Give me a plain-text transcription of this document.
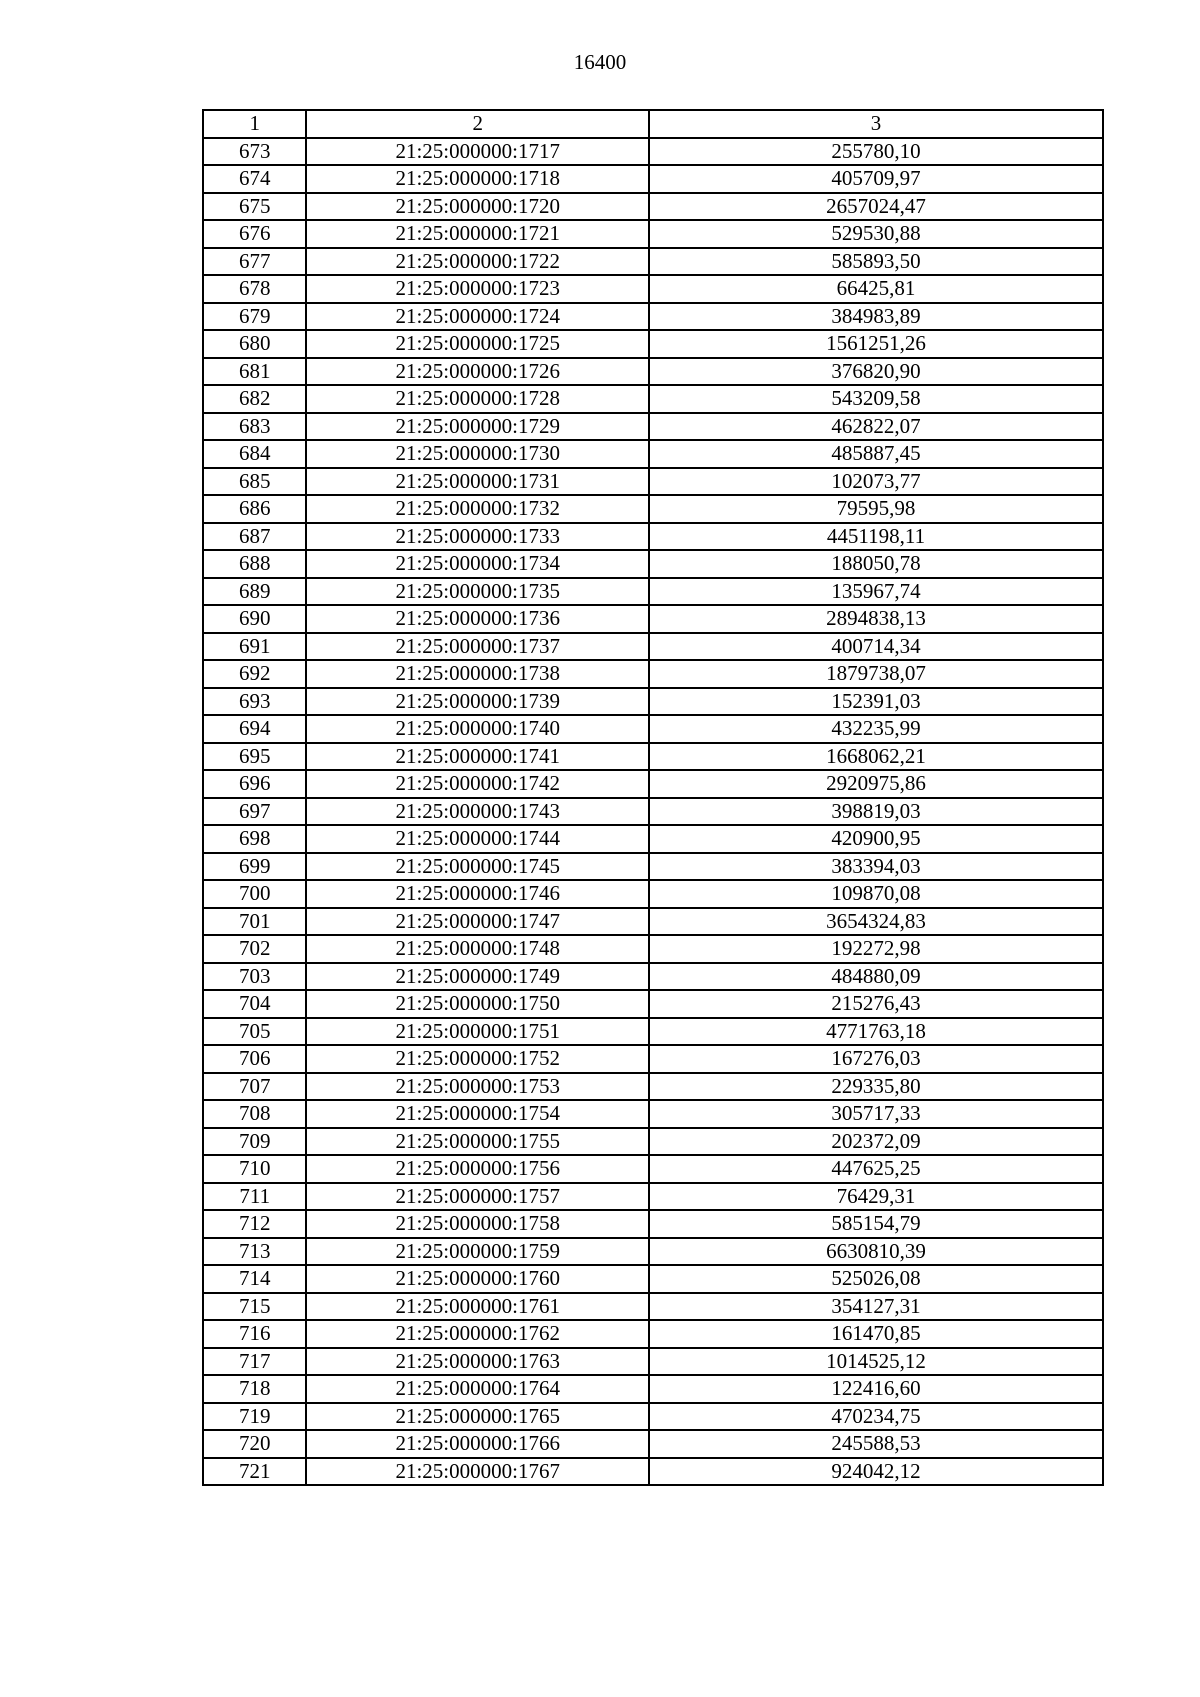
16400
1	2	3
673	21:25:000000:1717	255780,10
674	21:25:000000:1718	405709,97
675	21:25:000000:1720	2657024,47
676	21:25:000000:1721	529530,88
677	21:25:000000:1722	585893,50
678	21:25:000000:1723	66425,81
679	21:25:000000:1724	384983,89
680	21:25:000000:1725	1561251,26
681	21:25:000000:1726	376820,90
682	21:25:000000:1728	543209,58
683	21:25:000000:1729	462822,07
684	21:25:000000:1730	485887,45
685	21:25:000000:1731	102073,77
686	21:25:000000:1732	79595,98
687	21:25:000000:1733	4451198,11
688	21:25:000000:1734	188050,78
689	21:25:000000:1735	135967,74
690	21:25:000000:1736	2894838,13
691	21:25:000000:1737	400714,34
692	21:25:000000:1738	1879738,07
693	21:25:000000:1739	152391,03
694	21:25:000000:1740	432235,99
695	21:25:000000:1741	1668062,21
696	21:25:000000:1742	2920975,86
697	21:25:000000:1743	398819,03
698	21:25:000000:1744	420900,95
699	21:25:000000:1745	383394,03
700	21:25:000000:1746	109870,08
701	21:25:000000:1747	3654324,83
702	21:25:000000:1748	192272,98
703	21:25:000000:1749	484880,09
704	21:25:000000:1750	215276,43
705	21:25:000000:1751	4771763,18
706	21:25:000000:1752	167276,03
707	21:25:000000:1753	229335,80
708	21:25:000000:1754	305717,33
709	21:25:000000:1755	202372,09
710	21:25:000000:1756	447625,25
711	21:25:000000:1757	76429,31
712	21:25:000000:1758	585154,79
713	21:25:000000:1759	6630810,39
714	21:25:000000:1760	525026,08
715	21:25:000000:1761	354127,31
716	21:25:000000:1762	161470,85
717	21:25:000000:1763	1014525,12
718	21:25:000000:1764	122416,60
719	21:25:000000:1765	470234,75
720	21:25:000000:1766	245588,53
721	21:25:000000:1767	924042,12
